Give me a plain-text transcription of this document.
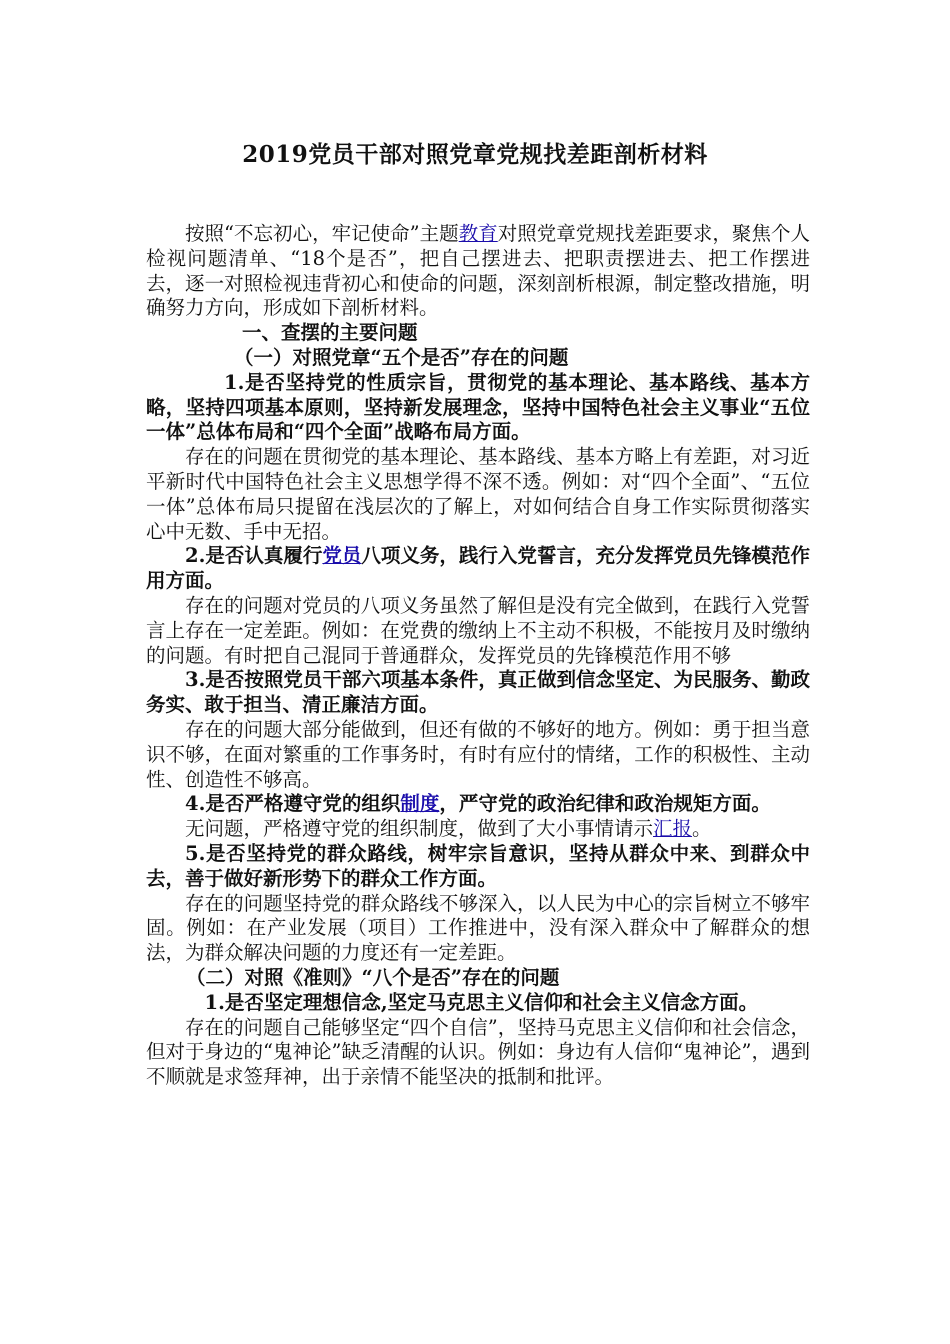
2019党员干部对照党章党规找差距剖析材料

按照“不忘初心，牢记使命”主题教育对照党章党规找差距要求，聚焦个人检视问题清单、“18个是否”，把自己摆进去、把职责摆进去、把工作摆进去，逐一对照检视违背初心和使命的问题，深刻剖析根源，制定整改措施，明确努力方向，形成如下剖析材料。

一、查摆的主要问题

（一）对照党章“五个是否”存在的问题

1.是否坚持党的性质宗旨，贯彻党的基本理论、基本路线、基本方略，坚持四项基本原则，坚持新发展理念，坚持中国特色社会主义事业“五位一体”总体布局和“四个全面”战略布局方面。

存在的问题在贯彻党的基本理论、基本路线、基本方略上有差距，对习近平新时代中国特色社会主义思想学得不深不透。例如：对“四个全面”、“五位一体”总体布局只提留在浅层次的了解上，对如何结合自身工作实际贯彻落实心中无数、手中无招。

2.是否认真履行党员八项义务，践行入党誓言，充分发挥党员先锋模范作用方面。

存在的问题对党员的八项义务虽然了解但是没有完全做到，在践行入党誓言上存在一定差距。例如：在党费的缴纳上不主动不积极，不能按月及时缴纳的问题。有时把自己混同于普通群众，发挥党员的先锋模范作用不够

3.是否按照党员干部六项基本条件，真正做到信念坚定、为民服务、勤政务实、敢于担当、清正廉洁方面。

存在的问题大部分能做到，但还有做的不够好的地方。例如：勇于担当意识不够，在面对繁重的工作事务时，有时有应付的情绪，工作的积极性、主动性、创造性不够高。

4.是否严格遵守党的组织制度，严守党的政治纪律和政治规矩方面。

无问题，严格遵守党的组织制度，做到了大小事情请示汇报。

5.是否坚持党的群众路线，树牢宗旨意识，坚持从群众中来、到群众中去，善于做好新形势下的群众工作方面。

存在的问题坚持党的群众路线不够深入，以人民为中心的宗旨树立不够牢固。例如：在产业发展（项目）工作推进中，没有深入群众中了解群众的想法，为群众解决问题的力度还有一定差距。

（二）对照《准则》“八个是否”存在的问题

1.是否坚定理想信念,坚定马克思主义信仰和社会主义信念方面。

存在的问题自己能够坚定“四个自信”，坚持马克思主义信仰和社会信念，但对于身边的“鬼神论”缺乏清醒的认识。例如：身边有人信仰“鬼神论”，遇到不顺就是求签拜神，出于亲情不能坚决的抵制和批评。
